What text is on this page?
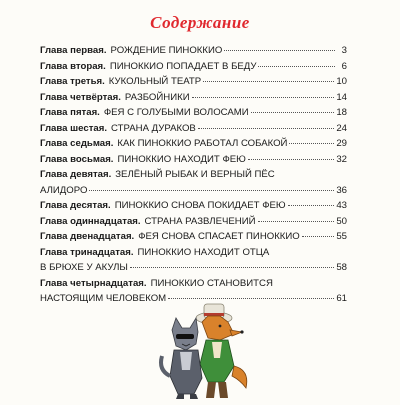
Содержание
Глава первая. РОЖДЕНИЕ ПИНОККИО	3
Глава вторая. ПИНОККИО ПОПАДАЕТ В БЕДУ	6
Глава третья. КУКОЛЬНЫЙ ТЕАТР	10
Глава четвёртая. РАЗБОЙНИКИ	14
Глава пятая. ФЕЯ С ГОЛУБЫМИ ВОЛОСАМИ	18
Глава шестая. СТРАНА ДУРАКОВ	24
Глава седьмая. КАК ПИНОККИО РАБОТАЛ СОБАКОЙ	29
Глава восьмая. ПИНОККИО НАХОДИТ ФЕЮ	32
Глава девятая. ЗЕЛЁНЫЙ РЫБАК И ВЕРНЫЙ ПЁС
АЛИДОРО	36
Глава десятая. ПИНОККИО СНОВА ПОКИДАЕТ ФЕЮ	43
Глава одиннадцатая. СТРАНА РАЗВЛЕЧЕНИЙ	50
Глава двенадцатая. ФЕЯ СНОВА СПАСАЕТ ПИНОККИО	55
Глава тринадцатая. ПИНОККИО НАХОДИТ ОТЦА
В БРЮХЕ У АКУЛЫ	58
Глава четырнадцатая. ПИНОККИО СТАНОВИТСЯ
НАСТОЯЩИМ ЧЕЛОВЕКОМ	61
